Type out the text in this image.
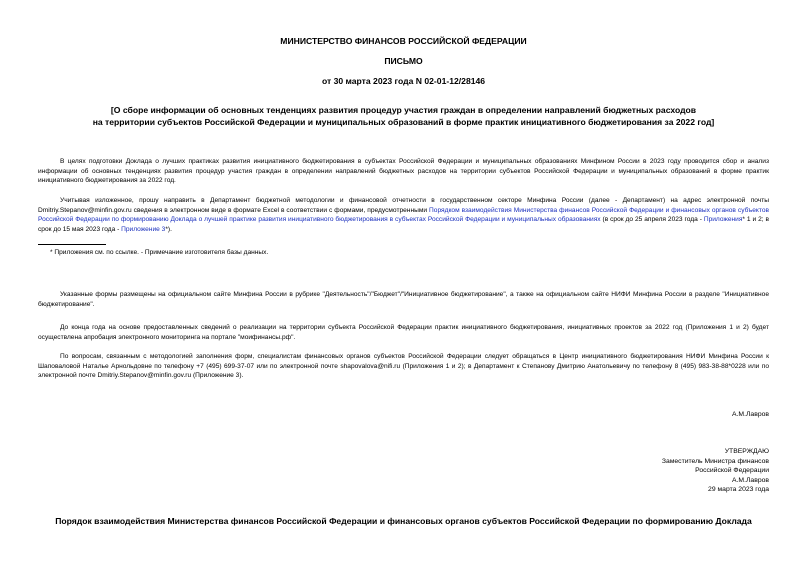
МИНИСТЕРСТВО ФИНАНСОВ РОССИЙСКОЙ ФЕДЕРАЦИИ
ПИСЬМО
от 30 марта 2023 года N 02-01-12/28146
[О сборе информации об основных тенденциях развития процедур участия граждан в определении направлений бюджетных расходов
на территории субъектов Российской Федерации и муниципальных образований в форме практик инициативного бюджетирования за 2022 год]
В целях подготовки Доклада о лучших практиках развития инициативного бюджетирования в субъектах Российской Федерации и муниципальных образованиях Минфином России в 2023 году проводится сбор и анализ информации об основных тенденциях развития процедур участия граждан в определении направлений бюджетных расходов на территории субъектов Российской Федерации и муниципальных образований в форме практик инициативного бюджетирования за 2022 год.
Учитывая изложенное, прошу направить в Департамент бюджетной методологии и финансовой отчетности в государственном секторе Минфина России (далее - Департамент) на адрес электронной почты Dmitriy.Stepanov@minfin.gov.ru сведения в электронном виде в формате Excel в соответствии с формами, предусмотренными Порядком взаимодействия Министерства финансов Российской Федерации и финансовых органов субъектов Российской Федерации по формированию Доклада о лучшей практике развития инициативного бюджетирования в субъектах Российской Федерации и муниципальных образованиях (в срок до 25 апреля 2023 года - Приложения* 1 и 2; в срок до 15 мая 2023 года - Приложение 3*).
* Приложения см. по ссылке. - Примечание изготовителя базы данных.
Указанные формы размещены на официальном сайте Минфина России в рубрике "Деятельность"/"Бюджет"/"Инициативное бюджетирование", а также на официальном сайте НИФИ Минфина России в разделе "Инициативное бюджетирование".
До конца года на основе предоставленных сведений о реализации на территории субъекта Российской Федерации практик инициативного бюджетирования, инициативных проектов за 2022 год (Приложения 1 и 2) будет осуществлена апробация электронного мониторинга на портале "моифинансы.рф".
По вопросам, связанным с методологией заполнения форм, специалистам финансовых органов субъектов Российской Федерации следует обращаться в Центр инициативного бюджетирования НИФИ Минфина России к Шаповаловой Наталье Арнольдовне по телефону +7 (495) 699-37-07 или по электронной почте shapovalova@nifi.ru (Приложения 1 и 2); в Департамент к Степанову Дмитрию Анатольевичу по телефону 8 (495) 983-38-88*0228 или по электронной почте Dmitriy.Stepanov@minfin.gov.ru (Приложение 3).
А.М.Лавров
УТВЕРЖДАЮ
Заместитель Министра финансов
Российской Федерации
А.М.Лавров
29 марта 2023 года
Порядок взаимодействия Министерства финансов Российской Федерации и финансовых органов субъектов Российской Федерации по формированию Доклада
